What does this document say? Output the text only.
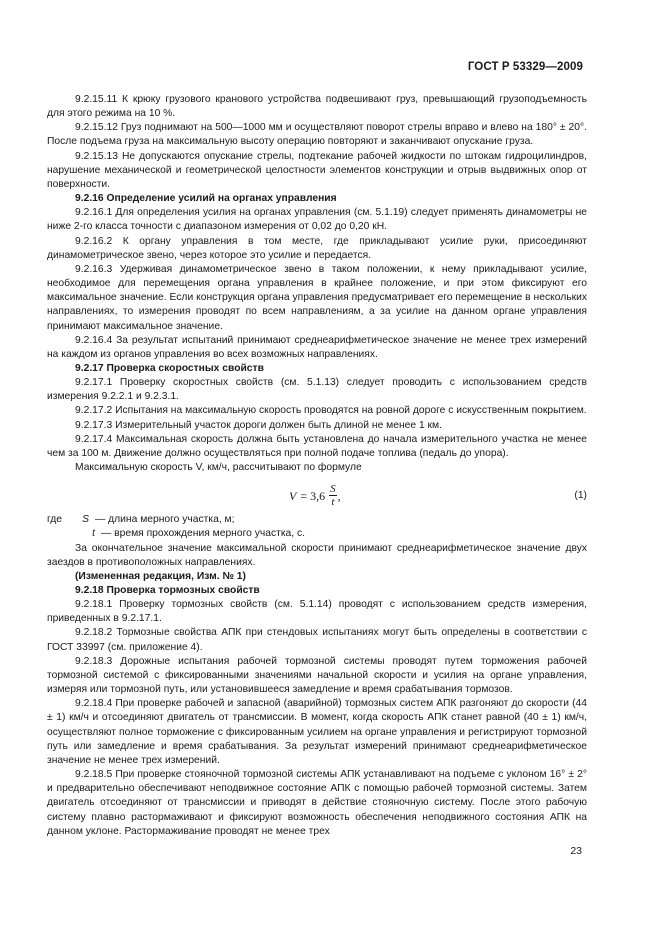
ГОСТ Р 53329—2009

9.2.15.11 К крюку грузового кранового устройства подвешивают груз, превышающий грузоподъемность для этого режима на 10 %.

9.2.15.12 Груз поднимают на 500—1000 мм и осуществляют поворот стрелы вправо и влево на 180° ± 20°. После подъема груза на максимальную высоту операцию повторяют и заканчивают опускание груза.

9.2.15.13 Не допускаются опускание стрелы, подтекание рабочей жидкости по штокам гидроцилиндров, нарушение механической и геометрической целостности элементов конструкции и отрыв выдвижных опор от поверхности.

9.2.16 Определение усилий на органах управления

9.2.16.1 Для определения усилия на органах управления (см. 5.1.19) следует применять динамометры не ниже 2-го класса точности с диапазоном измерения от 0,02 до 0,20 кН.

9.2.16.2 К органу управления в том месте, где прикладывают усилие руки, присоединяют динамометрическое звено, через которое это усилие и передается.

9.2.16.3 Удерживая динамометрическое звено в таком положении, к нему прикладывают усилие, необходимое для перемещения органа управления в крайнее положение, и при этом фиксируют его максимальное значение. Если конструкция органа управления предусматривает его перемещение в нескольких направлениях, то измерения проводят по всем направлениям, а за усилие на данном органе управления принимают максимальное значение.

9.2.16.4 За результат испытаний принимают среднеарифметическое значение не менее трех измерений на каждом из органов управления во всех возможных направлениях.

9.2.17 Проверка скоростных свойств

9.2.17.1 Проверку скоростных свойств (см. 5.1.13) следует проводить с использованием средств измерения 9.2.2.1 и 9.2.3.1.

9.2.17.2 Испытания на максимальную скорость проводятся на ровной дороге с искусственным покрытием.

9.2.17.3 Измерительный участок дороги должен быть длиной не менее 1 км.

9.2.17.4 Максимальная скорость должна быть установлена до начала измерительного участка не менее чем за 100 м. Движение должно осуществляться при полной подаче топлива (педаль до упора).

Максимальную скорость V, км/ч, рассчитывают по формуле

$V = 3,6 \frac{S}{t}$ ,	(1)
где	S — длина мерного участка, м;
t — время прохождения мерного участка, с.

За окончательное значение максимальной скорости принимают среднеарифметическое значение двух заездов в противоположных направлениях.

(Измененная редакция, Изм. № 1)

9.2.18 Проверка тормозных свойств

9.2.18.1 Проверку тормозных свойств (см. 5.1.14) проводят с использованием средств измерения, приведенных в 9.2.17.1.

9.2.18.2 Тормозные свойства АПК при стендовых испытаниях могут быть определены в соответствии с ГОСТ 33997 (см. приложение 4).

9.2.18.3 Дорожные испытания рабочей тормозной системы проводят путем торможения рабочей тормозной системой с фиксированными значениями начальной скорости и усилия на органе управления, измеряя или тормозной путь, или установившееся замедление и время срабатывания тормозов.

9.2.18.4 При проверке рабочей и запасной (аварийной) тормозных систем АПК разгоняют до скорости (44 ± 1) км/ч и отсоединяют двигатель от трансмиссии. В момент, когда скорость АПК станет равной (40 ± 1) км/ч, осуществляют полное торможение с фиксированным усилием на органе управления и регистрируют тормозной путь или замедление и время срабатывания. За результат измерений принимают среднеарифметическое значение не менее трех измерений.

9.2.18.5 При проверке стояночной тормозной системы АПК устанавливают на подъеме с уклоном 16° ± 2° и предварительно обеспечивают неподвижное состояние АПК с помощью рабочей тормозной системы. Затем двигатель отсоединяют от трансмиссии и приводят в действие стояночную систему. После этого рабочую систему плавно растормаживают и фиксируют возможность обеспечения неподвижного состояния АПК на данном уклоне. Растормаживание проводят не менее трех

23
